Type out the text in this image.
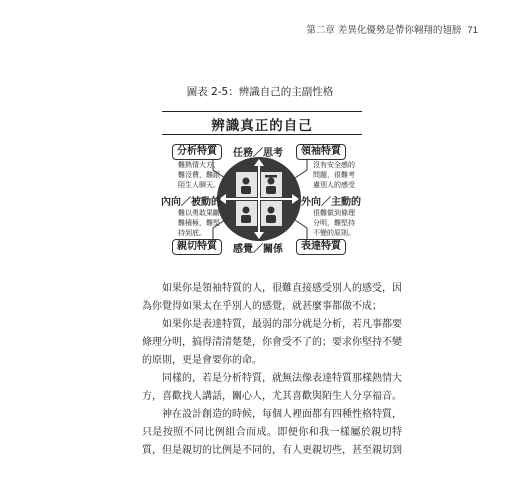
第二章 差異化優勢是帶你翱翔的翅膀 71
圖表 2-5：辨識自己的主副性格
辨識真正的自己
分析特質	領袖特質
親切特質	表達特質
任務／思考
感覺／關係
內向／被動的	外向／主動的
難熱情大方，
難沒費，難跟
陌生人聊天。
沒有安全感的
問題，很難考
慮別人的感受
難以勇敢果斷
難積極，難堅
持到底。
很難做到條理
分明，難堅持
不變的原則。

如果你是領袖特質的人，很難直接感受別人的感受，因為你覺得如果太在乎別人的感覺，就甚麼事都做不成；

如果你是表達特質，最弱的部分就是分析，若凡事都要條理分明，搞得清清楚楚，你會受不了的；要求你堅持不變的原則，更是會要你的命。

同樣的，若是分析特質，就無法像表達特質那樣熱情大方，喜歡找人講話，關心人，尤其喜歡與陌生人分享福音。

神在設計創造的時候，每個人裡面都有四種性格特質，只是按照不同比例組合而成。即便你和我一樣屬於親切特質，但是親切的比例是不同的，有人更親切些，甚至親切到
